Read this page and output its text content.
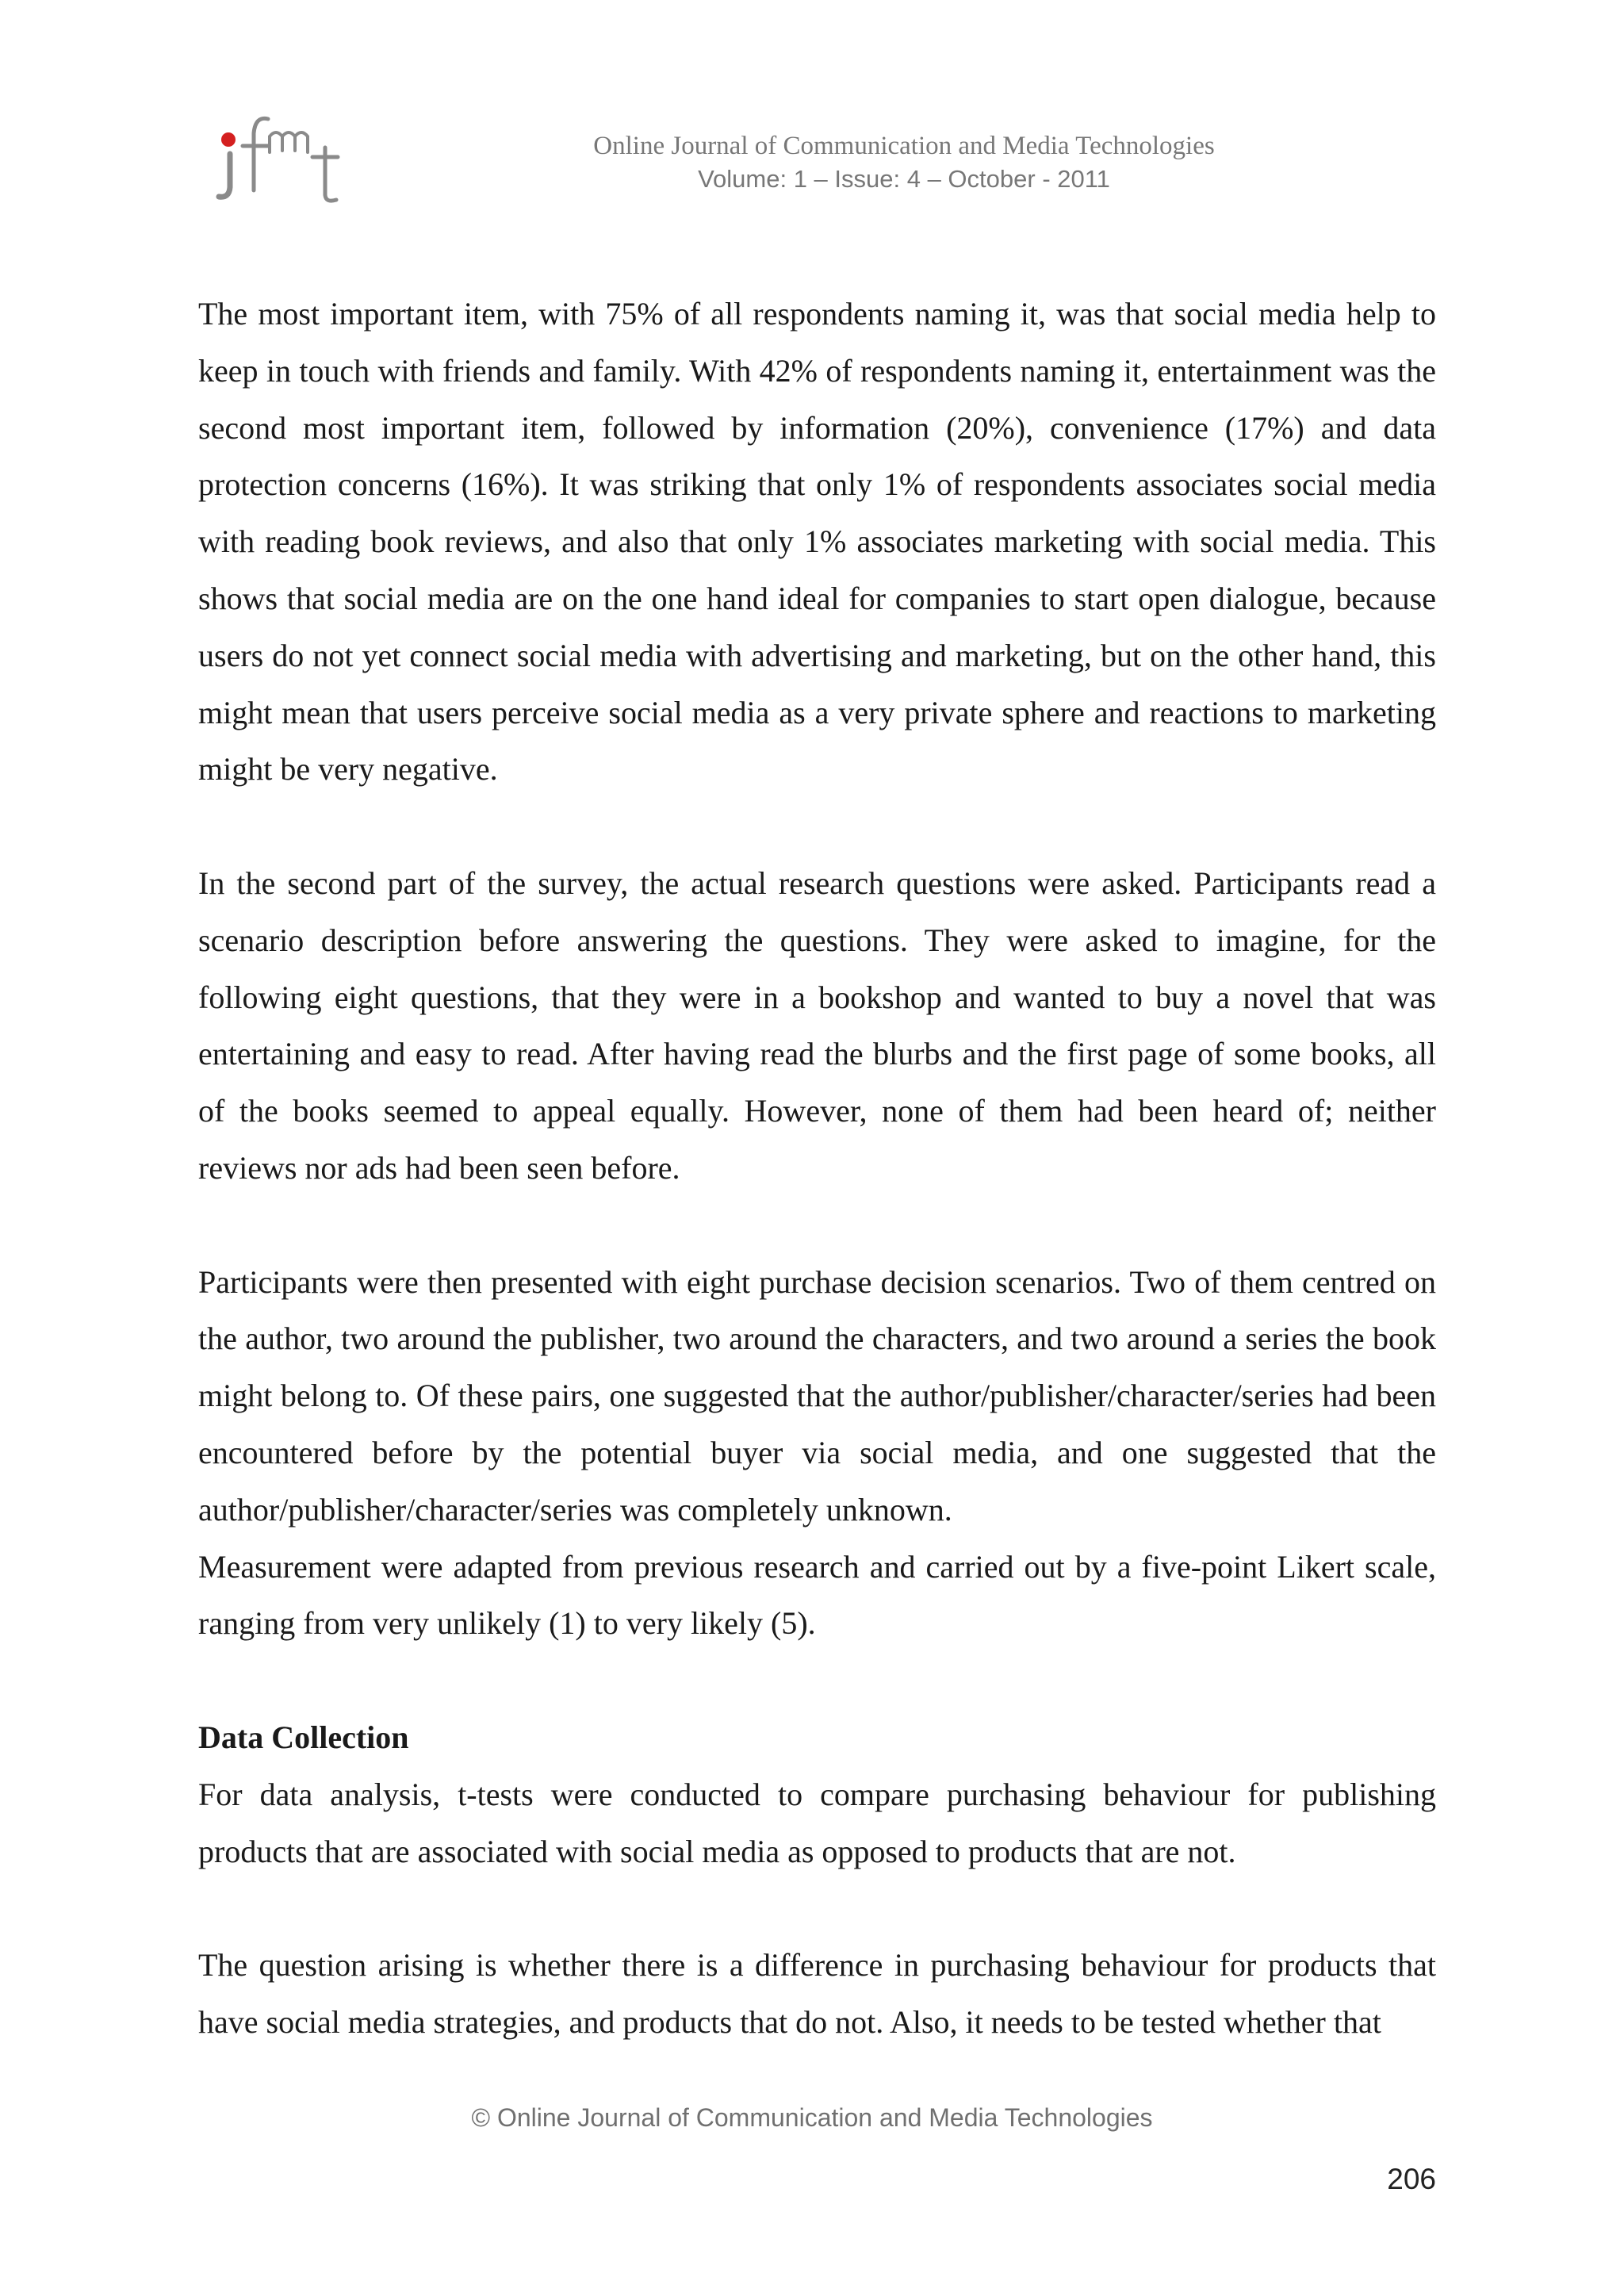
Online Journal of Communication and Media Technologies
Volume: 1 – Issue: 4 – October - 2011

The most important item, with 75% of all respondents naming it, was that social media help to keep in touch with friends and family. With 42% of respondents naming it, entertainment was the second most important item, followed by information (20%), convenience (17%) and data protection concerns (16%). It was striking that only 1% of respondents associates social media with reading book reviews, and also that only 1% associates marketing with social media. This shows that social media are on the one hand ideal for companies to start open dialogue, because users do not yet connect social media with advertising and marketing, but on the other hand, this might mean that users perceive social media as a very private sphere and reactions to marketing might be very negative.

In the second part of the survey, the actual research questions were asked. Participants read a scenario description before answering the questions. They were asked to imagine, for the following eight questions, that they were in a bookshop and wanted to buy a novel that was entertaining and easy to read. After having read the blurbs and the first page of some books, all of the books seemed to appeal equally. However, none of them had been heard of; neither reviews nor ads had been seen before.

Participants were then presented with eight purchase decision scenarios. Two of them centred on the author, two around the publisher, two around the characters, and two around a series the book might belong to. Of these pairs, one suggested that the author/publisher/character/series had been encountered before by the potential buyer via social media, and one suggested that the author/publisher/character/series was completely unknown.

Measurement were adapted from previous research and carried out by a five-point Likert scale, ranging from very unlikely (1) to very likely (5).

Data Collection

For data analysis, t-tests were conducted to compare purchasing behaviour for publishing products that are associated with social media as opposed to products that are not.

The question arising is whether there is a difference in purchasing behaviour for products that have social media strategies, and products that do not. Also, it needs to be tested whether that

© Online Journal of Communication and Media Technologies
206
